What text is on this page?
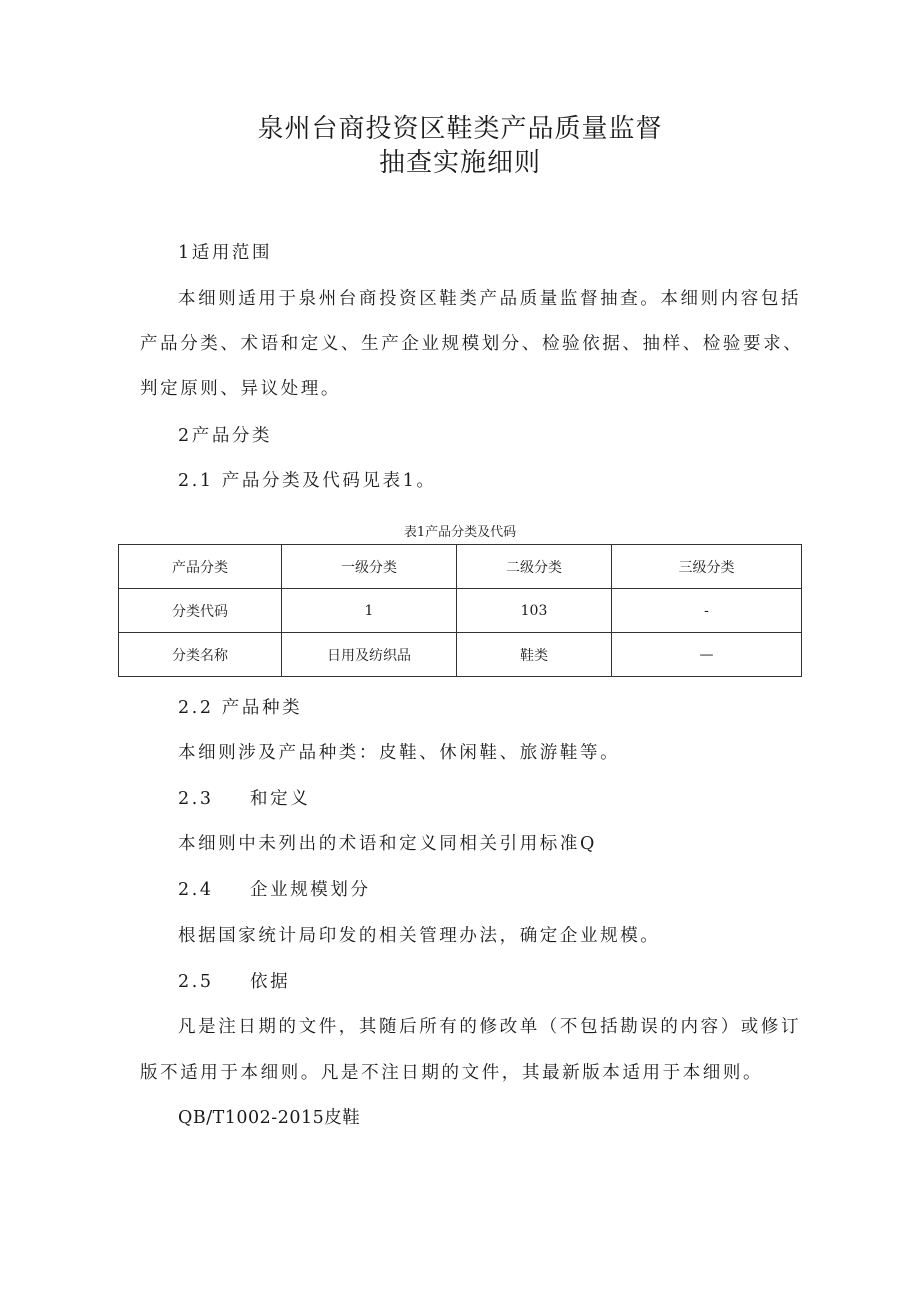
泉州台商投资区鞋类产品质量监督
抽查实施细则
1适用范围
本细则适用于泉州台商投资区鞋类产品质量监督抽查。本细则内容包括
产品分类、术语和定义、生产企业规模划分、检验依据、抽样、检验要求、
判定原则、异议处理。
2产品分类
2.1 产品分类及代码见表1。
表1产品分类及代码
产品分类	一级分类	二级分类	三级分类
分类代码	1	103	-
分类名称	日用及纺织品	鞋类	—
2.2 产品种类
本细则涉及产品种类：皮鞋、休闲鞋、旅游鞋等。
2.3 和定义
本细则中未列出的术语和定义同相关引用标准Q
2.4 企业规模划分
根据国家统计局印发的相关管理办法，确定企业规模。
2.5 依据
凡是注日期的文件，其随后所有的修改单（不包括勘误的内容）或修订
版不适用于本细则。凡是不注日期的文件，其最新版本适用于本细则。
QB/T1002-2015皮鞋
